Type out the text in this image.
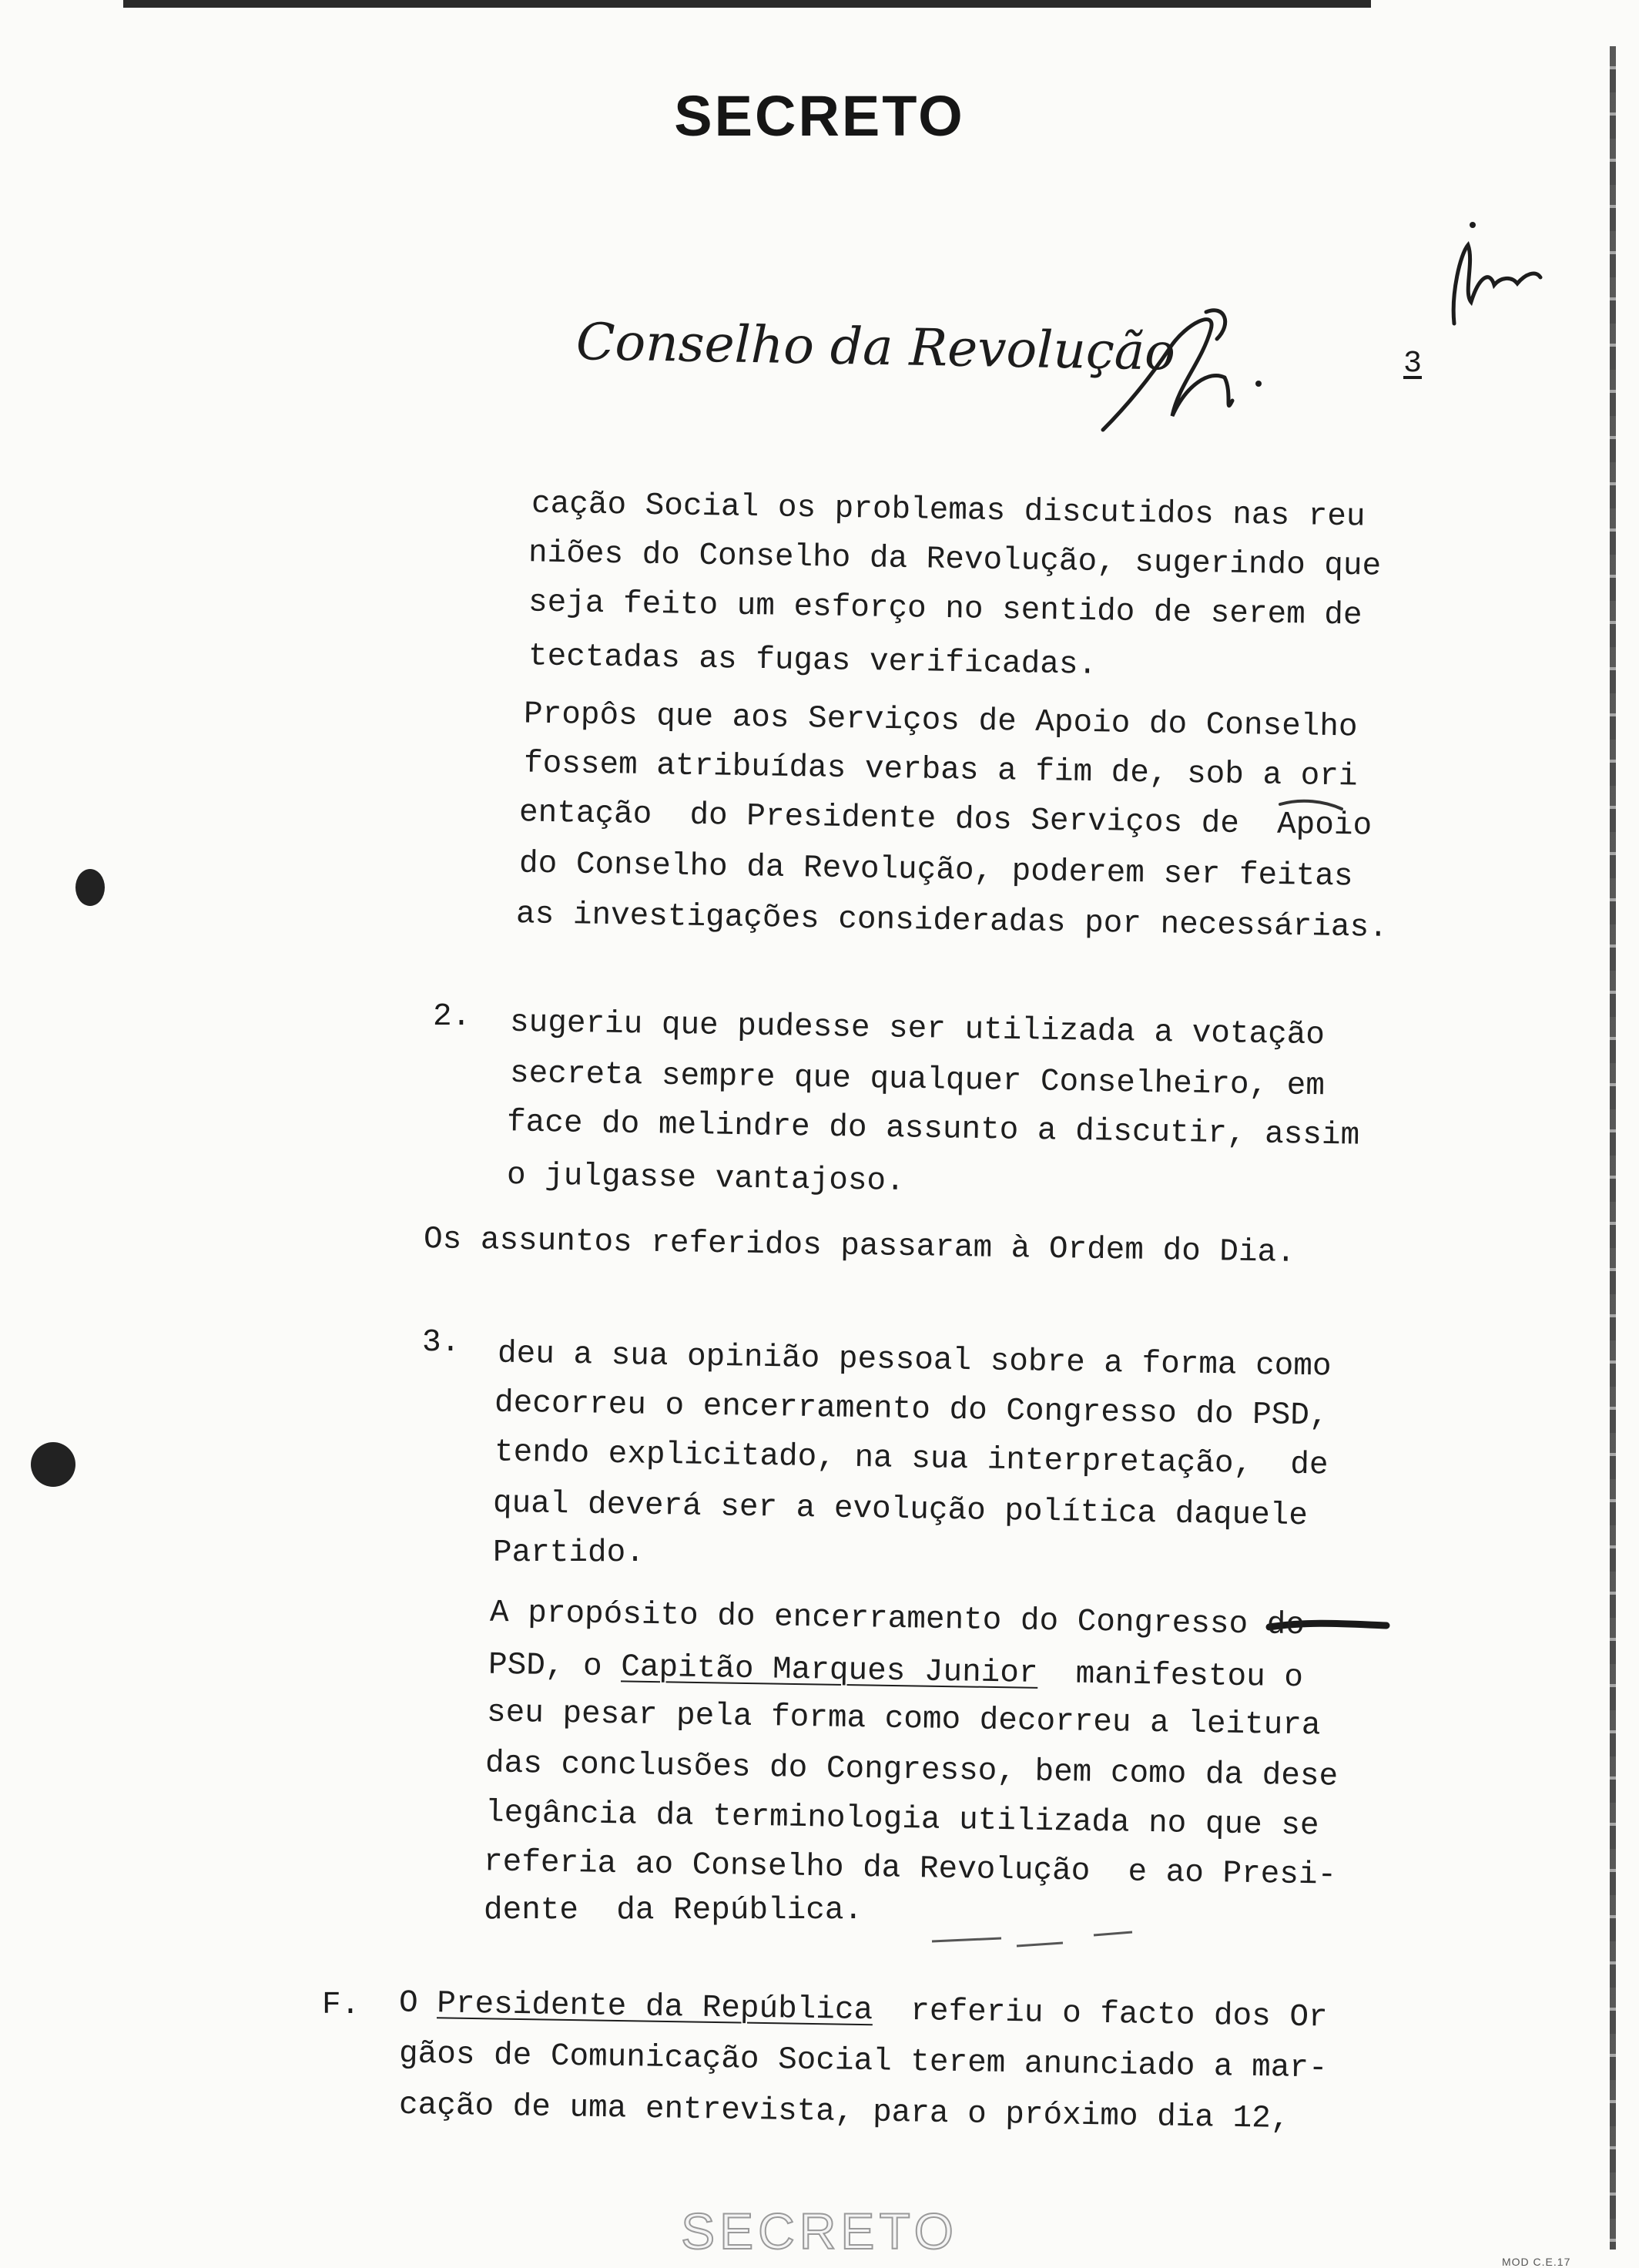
SECRETO
Conselho da Revolução	3
cação Social os problemas discutidos nas reu
niões do Conselho da Revolução, sugerindo que
seja feito um esforço no sentido de serem de
tectadas as fugas verificadas.
Propôs que aos Serviços de Apoio do Conselho
fossem atribuídas verbas a fim de, sob a ori
entação  do Presidente dos Serviços de  Apoio
do Conselho da Revolução, poderem ser feitas
as investigações consideradas por necessárias.
2. sugeriu que pudesse ser utilizada a votação
secreta sempre que qualquer Conselheiro, em
face do melindre do assunto a discutir, assim
o julgasse vantajoso.
Os assuntos referidos passaram à Ordem do Dia.
3. deu a sua opinião pessoal sobre a forma como
decorreu o encerramento do Congresso do PSD,
tendo explicitado, na sua interpretação,  de
qual deverá ser a evolução política daquele
Partido.
A propósito do encerramento do Congresso do
PSD, o Capitão Marques Junior  manifestou o
seu pesar pela forma como decorreu a leitura
das conclusões do Congresso, bem como da dese
legância da terminologia utilizada no que se
referia ao Conselho da Revolução  e ao Presi-
dente  da República.
F. O Presidente da República  referiu o facto dos Or
gãos de Comunicação Social terem anunciado a mar-
cação de uma entrevista, para o próximo dia 12,
SECRETO
MOD C.E.17
